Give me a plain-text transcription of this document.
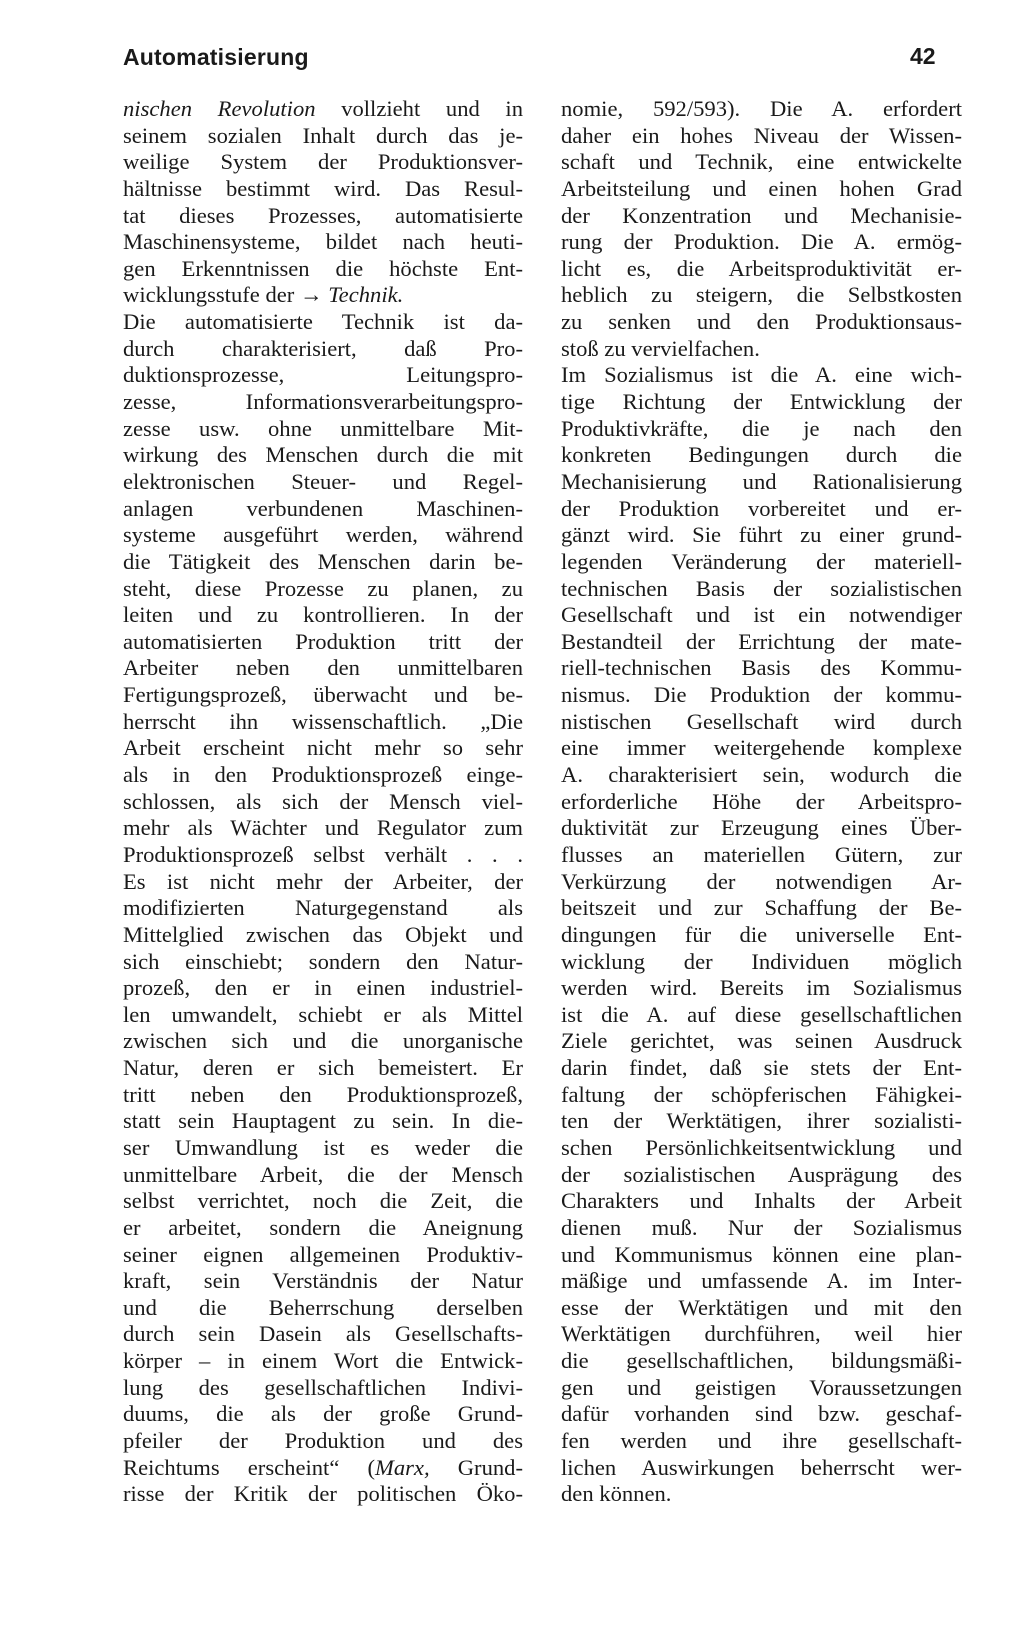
Automatisierung	42
nischen Revolution vollzieht und in
seinem sozialen Inhalt durch das je-
weilige System der Produktionsver-
hältnisse bestimmt wird. Das Resul-
tat dieses Prozesses, automatisierte
Maschinensysteme, bildet nach heuti-
gen Erkenntnissen die höchste Ent-
wicklungsstufe der → Technik.
Die automatisierte Technik ist da-
durch charakterisiert, daß Pro-
duktionsprozesse, Leitungspro-
zesse, Informationsverarbeitungspro-
zesse usw. ohne unmittelbare Mit-
wirkung des Menschen durch die mit
elektronischen Steuer- und Regel-
anlagen verbundenen Maschinen-
systeme ausgeführt werden, während
die Tätigkeit des Menschen darin be-
steht, diese Prozesse zu planen, zu
leiten und zu kontrollieren. In der
automatisierten Produktion tritt der
Arbeiter neben den unmittelbaren
Fertigungsprozeß, überwacht und be-
herrscht ihn wissenschaftlich. „Die
Arbeit erscheint nicht mehr so sehr
als in den Produktionsprozeß einge-
schlossen, als sich der Mensch viel-
mehr als Wächter und Regulator zum
Produktionsprozeß selbst verhält . . .
Es ist nicht mehr der Arbeiter, der
modifizierten Naturgegenstand als
Mittelglied zwischen das Objekt und
sich einschiebt; sondern den Natur-
prozeß, den er in einen industriel-
len umwandelt, schiebt er als Mittel
zwischen sich und die unorganische
Natur, deren er sich bemeistert. Er
tritt neben den Produktionsprozeß,
statt sein Hauptagent zu sein. In die-
ser Umwandlung ist es weder die
unmittelbare Arbeit, die der Mensch
selbst verrichtet, noch die Zeit, die
er arbeitet, sondern die Aneignung
seiner eignen allgemeinen Produktiv-
kraft, sein Verständnis der Natur
und die Beherrschung derselben
durch sein Dasein als Gesellschafts-
körper – in einem Wort die Entwick-
lung des gesellschaftlichen Indivi-
duums, die als der große Grund-
pfeiler der Produktion und des
Reichtums erscheint“ (Marx, Grund-
risse der Kritik der politischen Öko-
nomie, 592/593). Die A. erfordert
daher ein hohes Niveau der Wissen-
schaft und Technik, eine entwickelte
Arbeitsteilung und einen hohen Grad
der Konzentration und Mechanisie-
rung der Produktion. Die A. ermög-
licht es, die Arbeitsproduktivität er-
heblich zu steigern, die Selbstkosten
zu senken und den Produktionsaus-
stoß zu vervielfachen.
Im Sozialismus ist die A. eine wich-
tige Richtung der Entwicklung der
Produktivkräfte, die je nach den
konkreten Bedingungen durch die
Mechanisierung und Rationalisierung
der Produktion vorbereitet und er-
gänzt wird. Sie führt zu einer grund-
legenden Veränderung der materiell-
technischen Basis der sozialistischen
Gesellschaft und ist ein notwendiger
Bestandteil der Errichtung der mate-
riell-technischen Basis des Kommu-
nismus. Die Produktion der kommu-
nistischen Gesellschaft wird durch
eine immer weitergehende komplexe
A. charakterisiert sein, wodurch die
erforderliche Höhe der Arbeitspro-
duktivität zur Erzeugung eines Über-
flusses an materiellen Gütern, zur
Verkürzung der notwendigen Ar-
beitszeit und zur Schaffung der Be-
dingungen für die universelle Ent-
wicklung der Individuen möglich
werden wird. Bereits im Sozialismus
ist die A. auf diese gesellschaftlichen
Ziele gerichtet, was seinen Ausdruck
darin findet, daß sie stets der Ent-
faltung der schöpferischen Fähigkei-
ten der Werktätigen, ihrer sozialisti-
schen Persönlichkeitsentwicklung und
der sozialistischen Ausprägung des
Charakters und Inhalts der Arbeit
dienen muß. Nur der Sozialismus
und Kommunismus können eine plan-
mäßige und umfassende A. im Inter-
esse der Werktätigen und mit den
Werktätigen durchführen, weil hier
die gesellschaftlichen, bildungsmäßi-
gen und geistigen Voraussetzungen
dafür vorhanden sind bzw. geschaf-
fen werden und ihre gesellschaft-
lichen Auswirkungen beherrscht wer-
den können.
